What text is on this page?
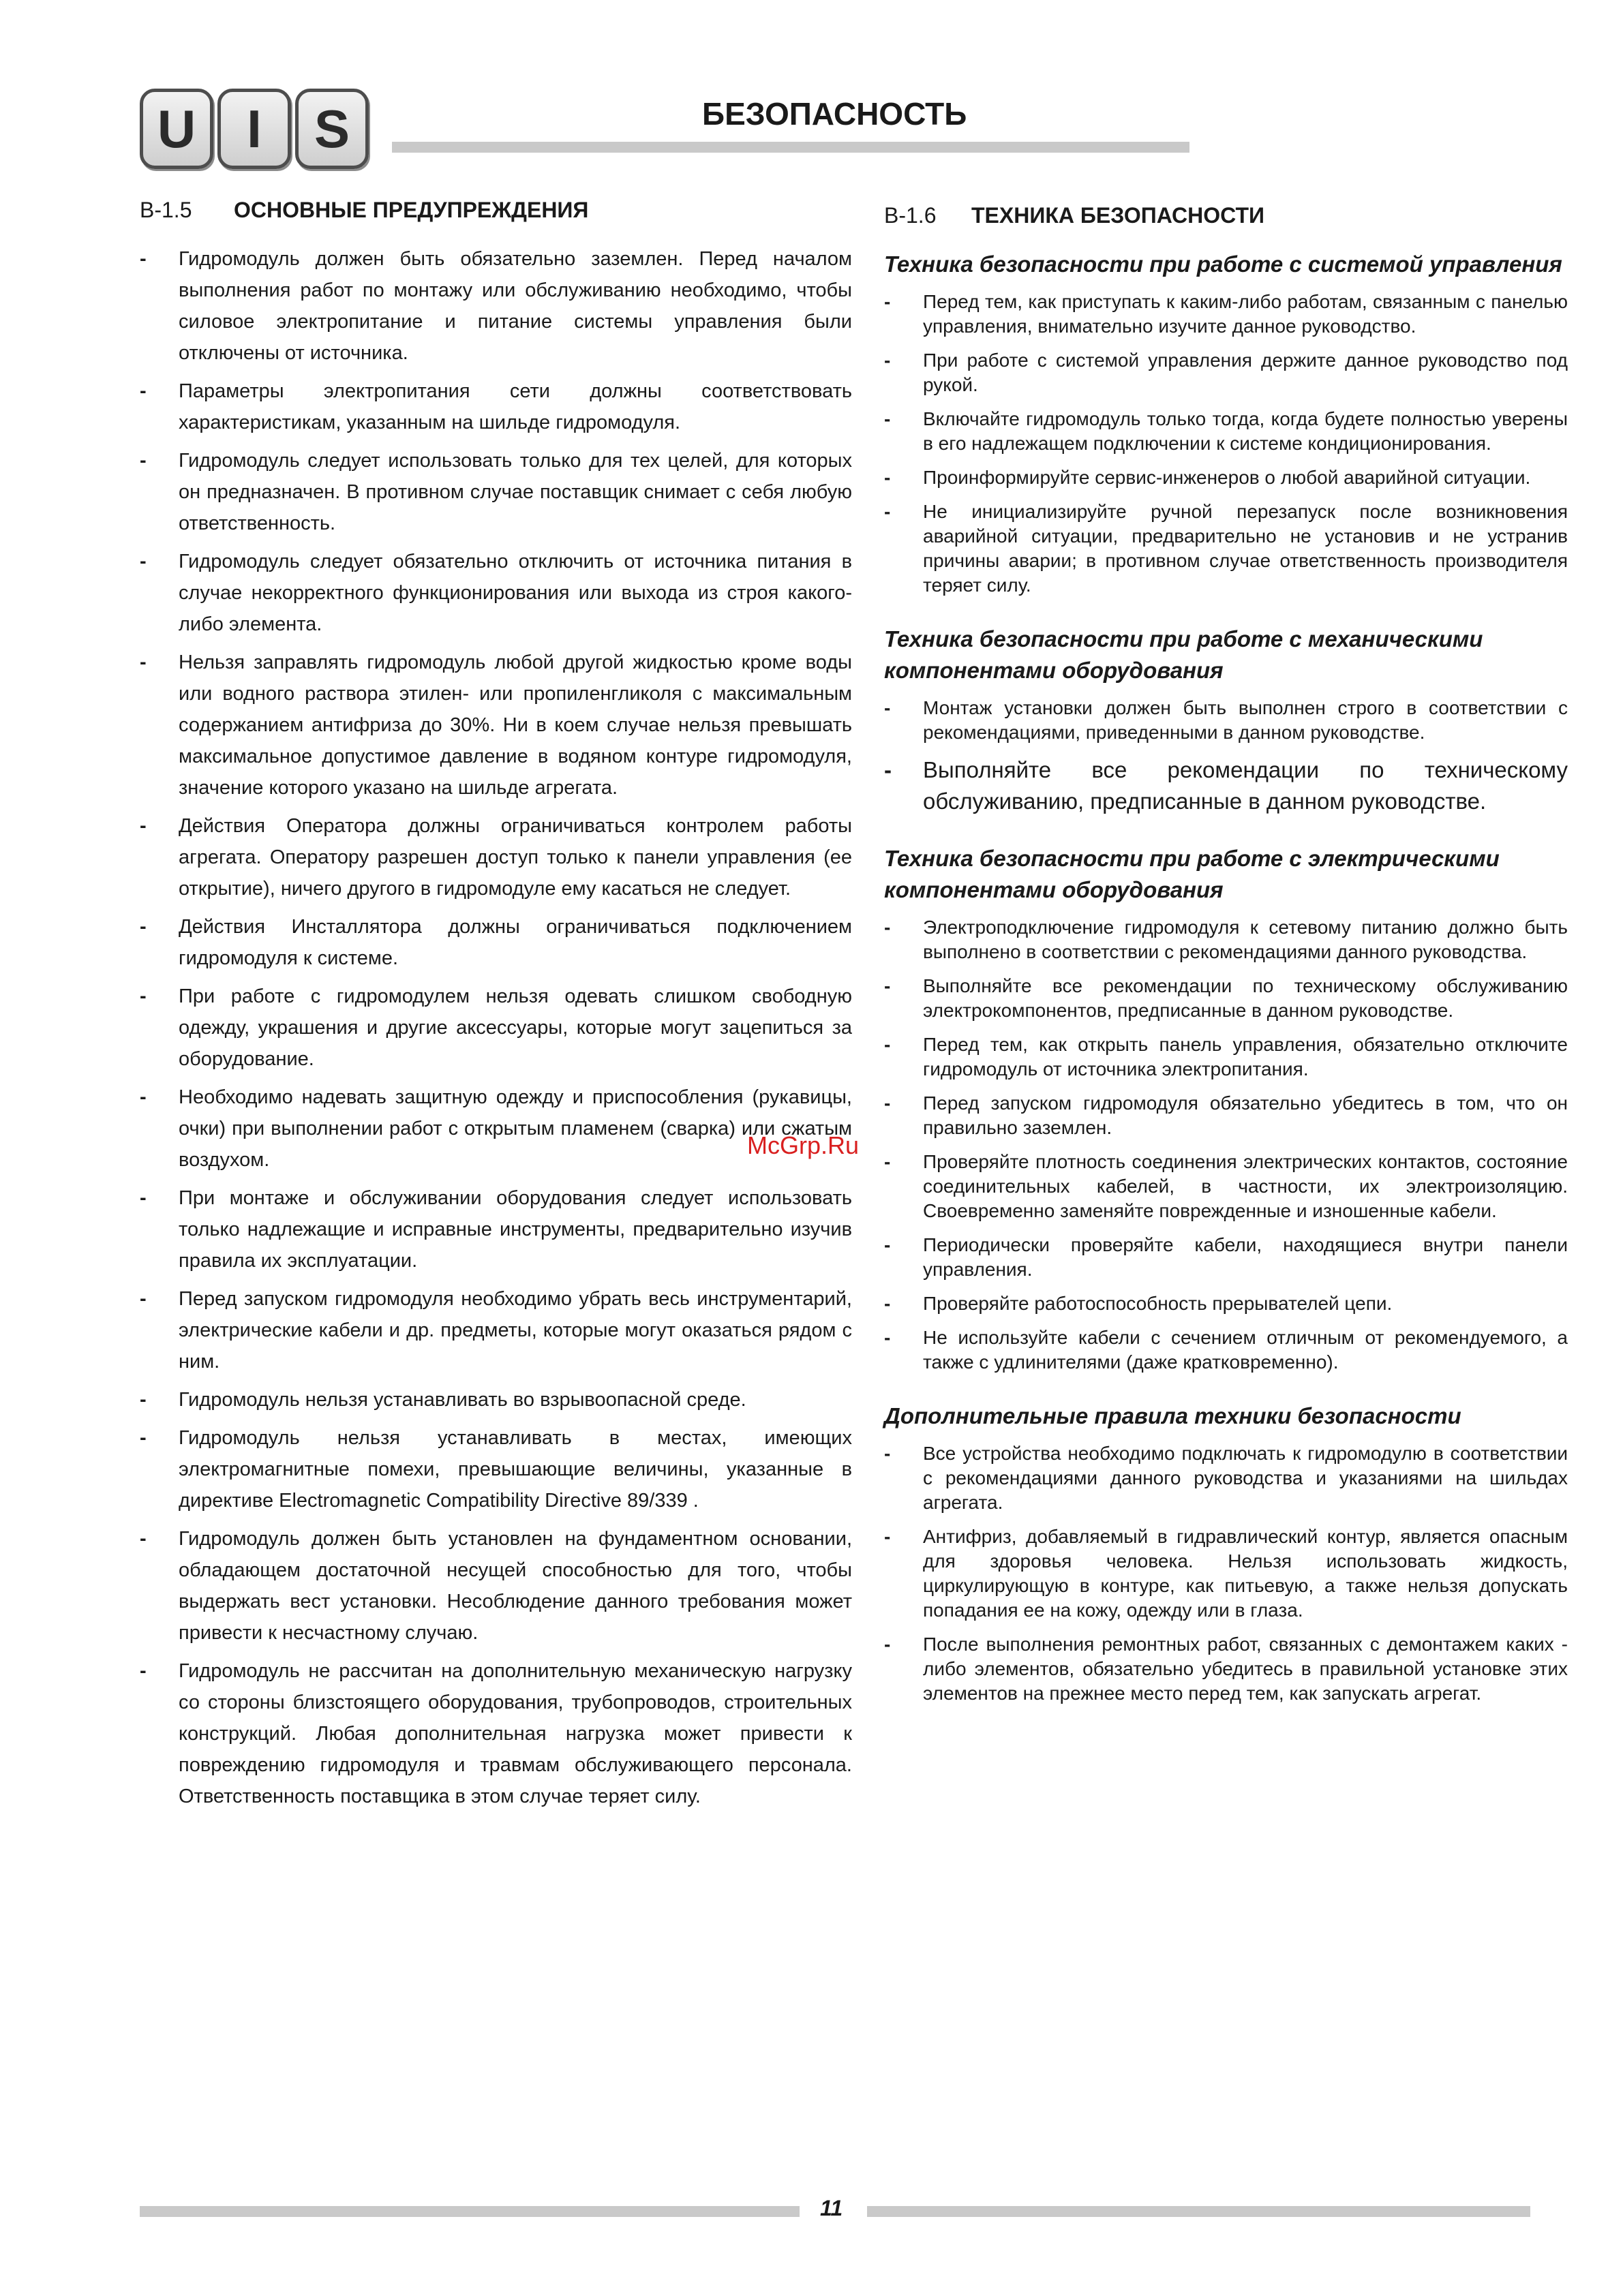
U I S	БЕЗОПАСНОСТЬ
B-1.5	ОСНОВНЫЕ ПРЕДУПРЕЖДЕНИЯ
- Гидромодуль должен быть обязательно заземлен. Перед началом выполнения работ по монтажу или обслуживанию необходимо, чтобы силовое электропитание и питание системы управления были отключены от источника.
- Параметры электропитания сети должны соответствовать характеристикам, указанным на шильде гидромодуля.
- Гидромодуль следует использовать только для тех целей, для которых он предназначен. В противном случае поставщик снимает с себя любую ответственность.
- Гидромодуль следует обязательно отключить от источника питания в случае некорректного функционирования или выхода из строя какого-либо элемента.
- Нельзя заправлять гидромодуль любой другой жидкостью кроме воды или водного раствора этилен- или пропиленгликоля с максимальным содержанием антифриза до 30%. Ни в коем случае нельзя превышать максимальное допустимое давление в водяном контуре гидромодуля, значение которого указано на шильде агрегата.
- Действия Оператора должны ограничиваться контролем работы агрегата. Оператору разрешен доступ только к панели управления (ее открытие), ничего другого в гидромодуле ему касаться не следует.
- Действия Инсталлятора должны ограничиваться подключением гидромодуля к системе.
- При работе с гидромодулем нельзя одевать слишком свободную одежду, украшения и другие аксессуары, которые могут зацепиться за оборудование.
- Необходимо надевать защитную одежду и приспособления (рукавицы, очки) при выполнении работ с открытым пламенем (сварка) или сжатым воздухом.
- При монтаже и обслуживании оборудования следует использовать только надлежащие и исправные инструменты, предварительно изучив правила их эксплуатации.
- Перед запуском гидромодуля необходимо убрать весь инструментарий, электрические кабели и др. предметы, которые могут оказаться рядом с ним.
- Гидромодуль нельзя устанавливать во взрывоопасной среде.
- Гидромодуль нельзя устанавливать в местах, имеющих электромагнитные помехи, превышающие величины, указанные в директиве Electromagnetic Compatibility Directive 89/339 .
- Гидромодуль должен быть установлен на фундаментном основании, обладающем достаточной несущей способностью для того, чтобы выдержать вест установки. Несоблюдение данного требования может привести к несчастному случаю.
- Гидромодуль не рассчитан на дополнительную механическую нагрузку со стороны близстоящего оборудования, трубопроводов, строительных конструкций. Любая дополнительная нагрузка может привести к повреждению гидромодуля и травмам обслуживающего персонала. Ответственность поставщика в этом случае теряет силу.
B-1.6	ТЕХНИКА БЕЗОПАСНОСТИ
Техника безопасности при работе с системой управления
- Перед тем, как приступать к каким-либо работам, связанным с панелью управления, внимательно изучите данное руководство.
- При работе с системой управления держите данное руководство под рукой.
- Включайте гидромодуль только тогда, когда будете полностью уверены в его надлежащем подключении к системе кондиционирования.
- Проинформируйте сервис-инженеров о любой аварийной ситуации.
- Не инициализируйте ручной перезапуск после возникновения аварийной ситуации, предварительно не установив и не устранив причины аварии; в противном случае ответственность производителя теряет силу.
Техника безопасности при работе с механическими компонентами оборудования
- Монтаж установки должен быть выполнен строго в соответствии с рекомендациями, приведенными в данном руководстве.
- Выполняйте все рекомендации по техническому обслуживанию, предписанные в данном руководстве.
Техника безопасности при работе с электрическими компонентами оборудования
- Электроподключение гидромодуля к сетевому питанию должно быть выполнено в соответствии с рекомендациями данного руководства.
- Выполняйте все рекомендации по техническому обслуживанию электрокомпонентов, предписанные в данном руководстве.
- Перед тем, как открыть панель управления, обязательно отключите гидромодуль от источника электропитания.
- Перед запуском гидромодуля обязательно убедитесь в том, что он правильно заземлен.
- Проверяйте плотность соединения электрических контактов, состояние соединительных кабелей, в частности, их электроизоляцию. Своевременно заменяйте поврежденные и изношенные кабели.
- Периодически проверяйте кабели, находящиеся внутри панели управления.
- Проверяйте работоспособность прерывателей цепи.
- Не используйте кабели с сечением отличным от рекомендуемого, а также с удлинителями (даже кратковременно).
Дополнительные правила техники безопасности
- Все устройства необходимо подключать к гидромодулю в соответствии с рекомендациями данного руководства и указаниями на шильдах агрегата.
- Антифриз, добавляемый в гидравлический контур, является опасным для здоровья человека. Нельзя использовать жидкость, циркулирующую в контуре, как питьевую, а также нельзя допускать попадания ее на кожу, одежду или в глаза.
- После выполнения ремонтных работ, связанных с демонтажем каких - либо элементов, обязательно убедитесь в правильной установке этих элементов на прежнее место перед тем, как запускать агрегат.
McGrp.Ru
11
